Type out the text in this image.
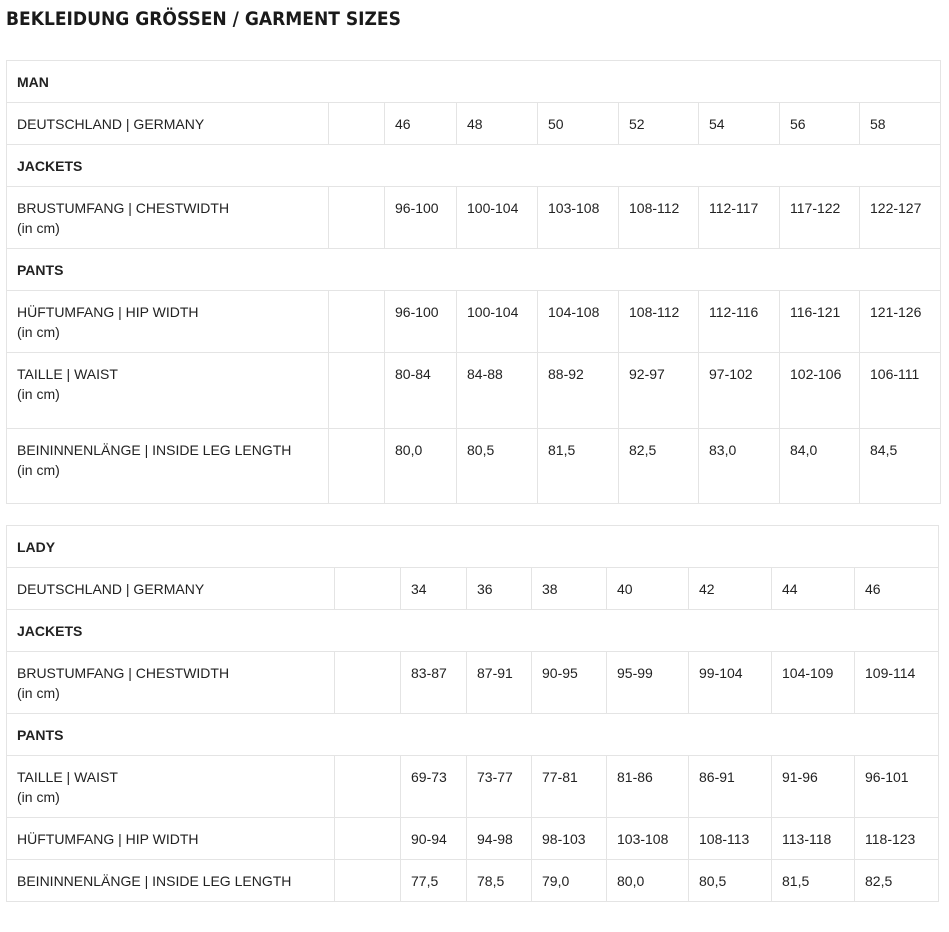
BEKLEIDUNG GRÖSSEN / GARMENT SIZES
MAN								
DEUTSCHLAND | GERMANY		46	48	50	52	54	56	58
JACKETS								

BRUSTUMFANG | CHESTWIDTH
(in cm)		96-100	100-104	103-108	108-112	112-117	117-122	122-127
PANTS								

HÜFTUMFANG | HIP WIDTH
(in cm)		96-100	100-104	104-108	108-112	112-116	116-121	121-126

TAILLE | WAIST
(in cm)		80-84	84-88	88-92	92-97	97-102	102-106	106-111

BEININNENLÄNGE | INSIDE LEG LENGTH
(in cm)		80,0	80,5	81,5	82,5	83,0	84,0	84,5
LADY								
DEUTSCHLAND | GERMANY		34	36	38	40	42	44	46
JACKETS								

BRUSTUMFANG | CHESTWIDTH
(in cm)		83-87	87-91	90-95	95-99	99-104	104-109	109-114
PANTS								

TAILLE | WAIST
(in cm)		69-73	73-77	77-81	81-86	86-91	91-96	96-101
HÜFTUMFANG | HIP WIDTH		90-94	94-98	98-103	103-108	108-113	113-118	118-123
BEININNENLÄNGE | INSIDE LEG LENGTH		77,5	78,5	79,0	80,0	80,5	81,5	82,5
